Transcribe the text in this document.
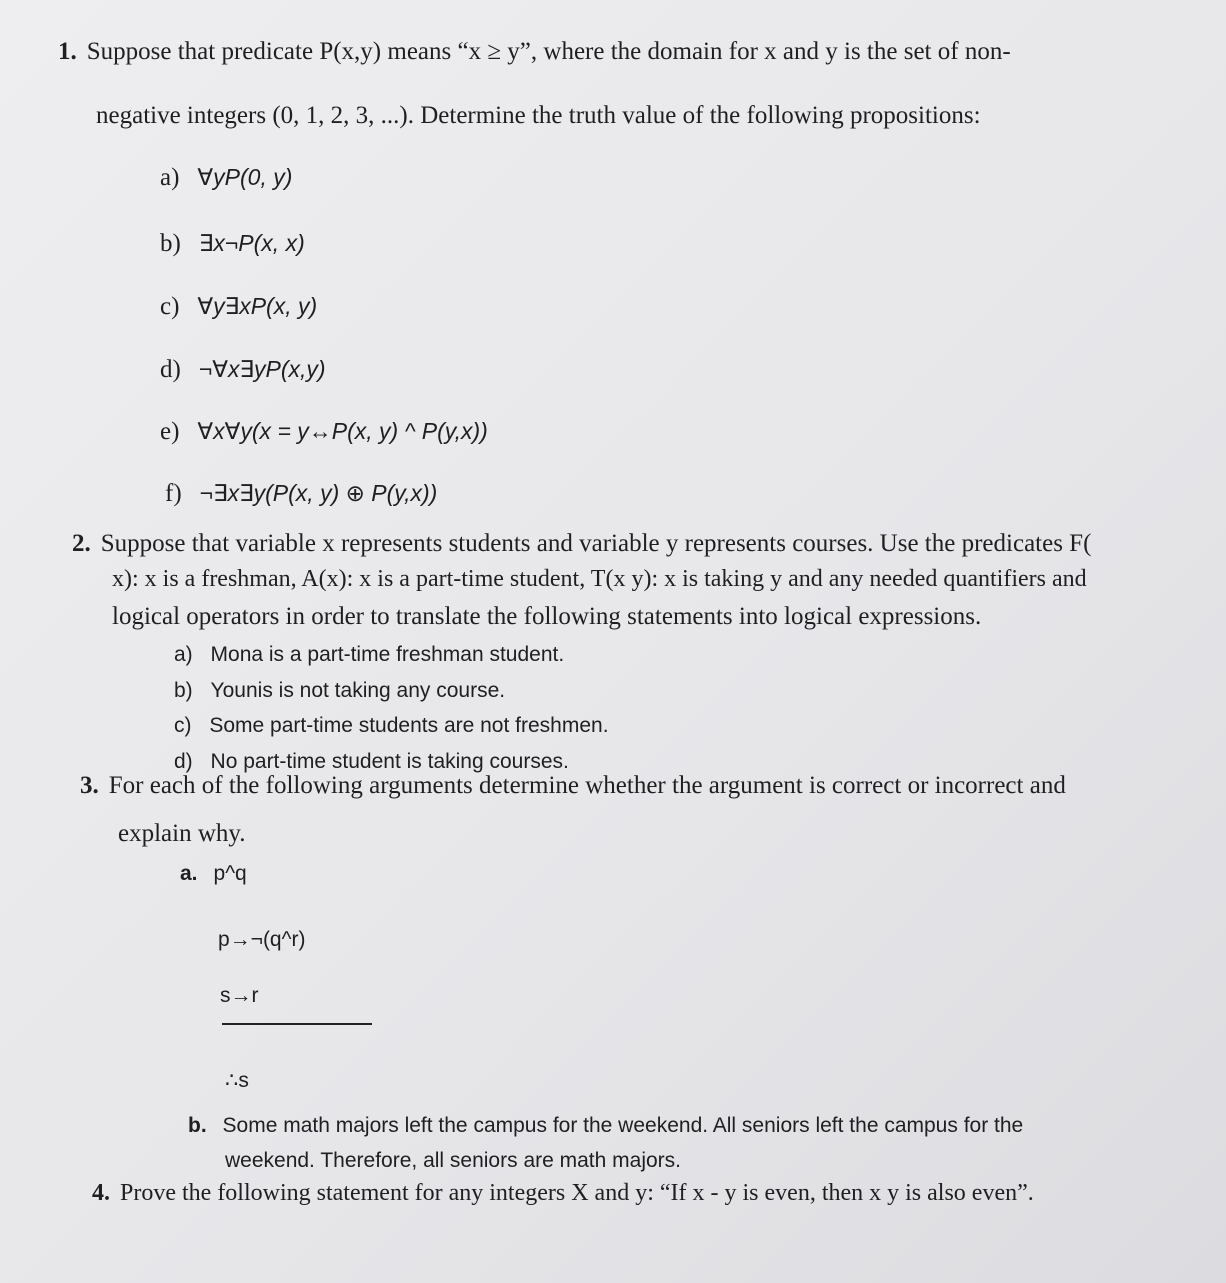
1. Suppose that predicate P(x,y) means “x ≥ y”, where the domain for x and y is the set of non-
negative integers (0, 1, 2, 3, ...). Determine the truth value of the following propositions:
a) ∀yP(0, y)
b) ∃x¬P(x, x)
c) ∀y∃xP(x, y)
d) ¬∀x∃yP(x,y)
e) ∀x∀y(x = y↔P(x, y) ^ P(y,x))
f) ¬∃x∃y(P(x, y) ⊕ P(y,x))
2. Suppose that variable x represents students and variable y represents courses. Use the predicates F(
x): x is a freshman, A(x): x is a part-time student, T(x y): x is taking y and any needed quantifiers and
logical operators in order to translate the following statements into logical expressions.
a) Mona is a part-time freshman student.
b) Younis is not taking any course.
c) Some part-time students are not freshmen.
d) No part-time student is taking courses.
3. For each of the following arguments determine whether the argument is correct or incorrect and
explain why.
a. p^q
p→¬(q^r)
s→r
∴s
b. Some math majors left the campus for the weekend. All seniors left the campus for the
weekend. Therefore, all seniors are math majors.
4. Prove the following statement for any integers X and y: “If x - y is even, then x y is also even”.
